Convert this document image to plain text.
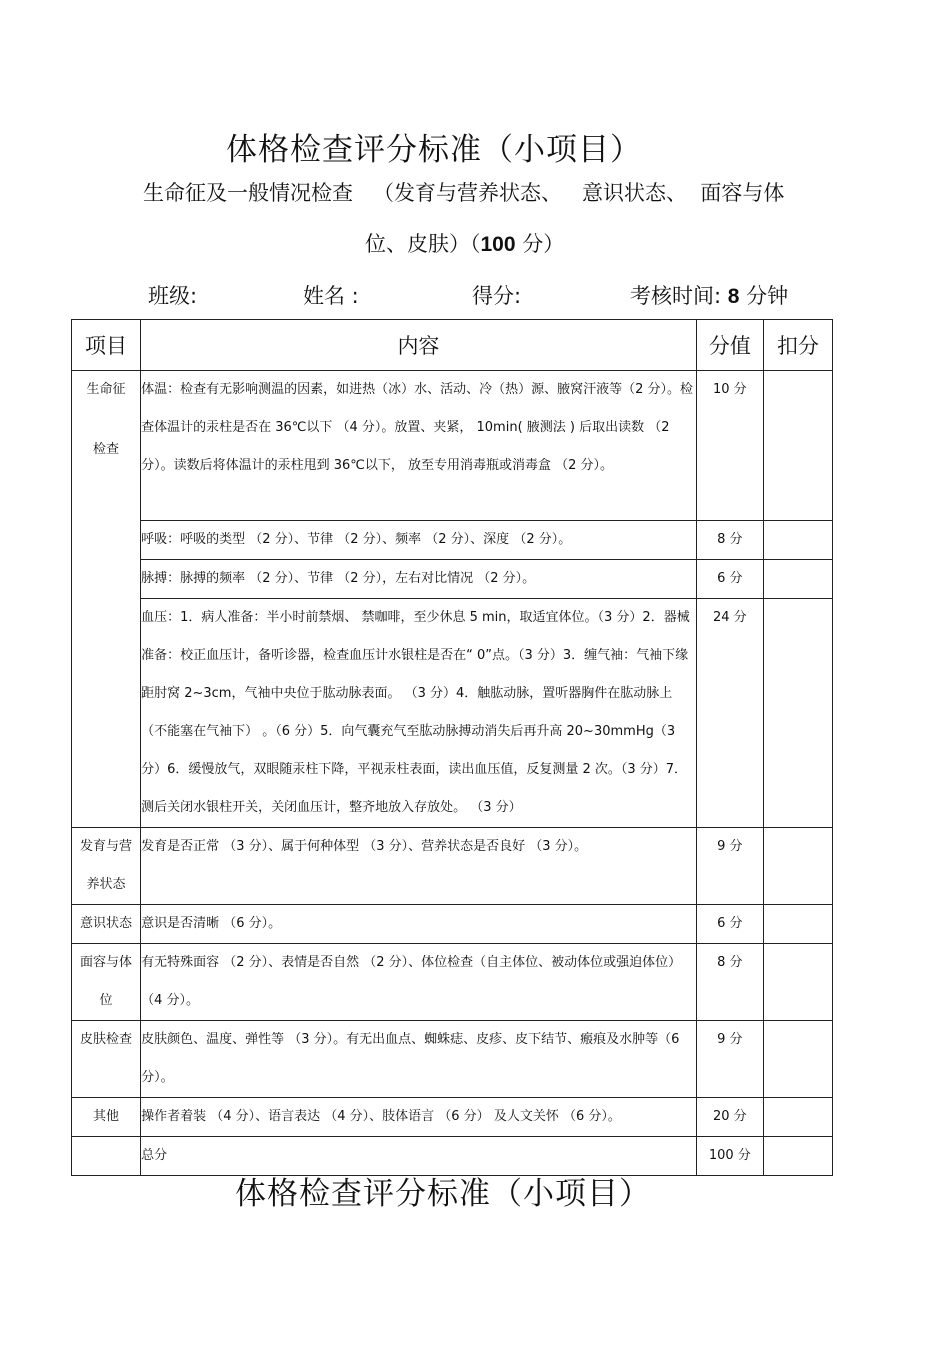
体格检查评分标准（小项目）
生命征及一般情况检查   （发育与营养状态、   意识状态、  面容与体
位、皮肤）（100 分）
班级:	姓名 :	得分:	考核时间: 8 分钟
项目	内容	分值	扣分

生命征
检查	体温：检查有无影响测温的因素，如进热（冰）水、活动、冷（热）源、腋窝汗液等（2 分）。检查体温计的汞柱是否在 36℃以下 （4 分）。放置、夹紧， 10min( 腋测法 ) 后取出读数 （2 分）。读数后将体温计的汞柱甩到 36℃以下， 放至专用消毒瓶或消毒盒 （2 分）。	10 分	
	呼吸：呼吸的类型 （2 分）、节律 （2 分）、频率 （2 分）、深度 （2 分）。	8 分	
	脉搏：脉搏的频率 （2 分）、节律 （2 分），左右对比情况 （2 分）。	6 分	
	血压：1．病人准备：半小时前禁烟、 禁咖啡，至少休息 5 min，取适宜体位。（3 分）2．器械准备：校正血压计，备听诊器，检查血压计水银柱是否在“ 0”点。（3 分）3．缠气袖：气袖下缘距肘窝 2~3cm，气袖中央位于肱动脉表面。 （3 分）4．触肱动脉，置听器胸件在肱动脉上（不能塞在气袖下） 。（6 分）5．向气囊充气至肱动脉搏动消失后再升高 20~30mmHg（3 分）6．缓慢放气，双眼随汞柱下降，平视汞柱表面，读出血压值，反复测量 2 次。（3 分）7．测后关闭水银柱开关，关闭血压计，整齐地放入存放处。 （3 分）	24 分	

发育与营
养状态	发育是否正常 （3 分）、属于何种体型 （3 分）、营养状态是否良好 （3 分）。	9 分	

意识状态	意识是否清晰 （6 分）。	6 分	

面容与体
位	有无特殊面容 （2 分）、表情是否自然 （2 分）、体位检查（自主体位、被动体位或强迫体位）（4 分）。	8 分	

皮肤检查	皮肤颜色、温度、弹性等 （3 分）。有无出血点、蜘蛛痣、皮疹、皮下结节、瘢痕及水肿等（6 分）。	9 分	

其他	操作者着装 （4 分）、语言表达 （4 分）、肢体语言 （6 分） 及人文关怀 （6 分）。	20 分	

	总分	100 分	
体格检查评分标准（小项目）
